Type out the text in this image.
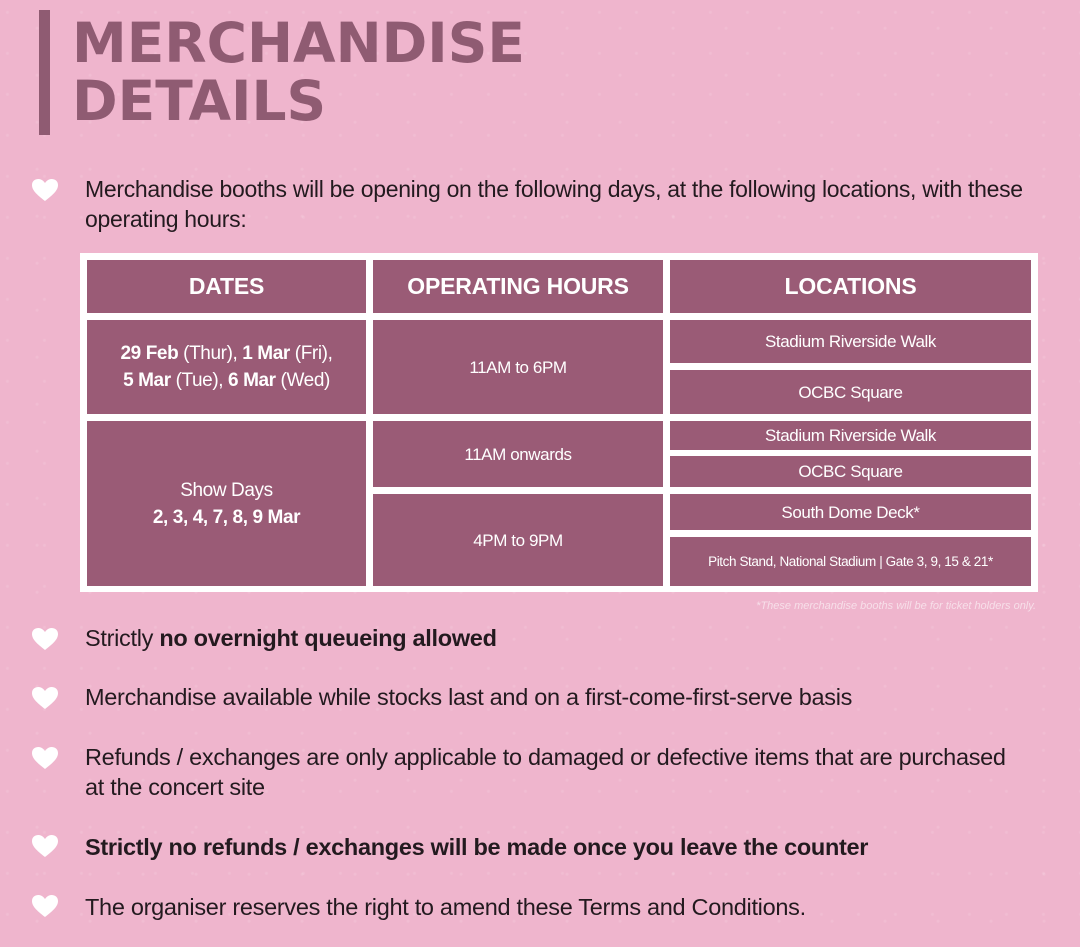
MERCHANDISE
DETAILS
Merchandise booths will be opening on the following days, at the following locations, with these operating hours:
DATES	OPERATING HOURS	LOCATIONS
29 Feb (Thur), 1 Mar (Fri),
5 Mar (Tue), 6 Mar (Wed)
11AM to 6PM
Stadium Riverside Walk
OCBC Square
Show Days
2, 3, 4, 7, 8, 9 Mar
11AM onwards
4PM to 9PM
Stadium Riverside Walk
OCBC Square
South Dome Deck*
Pitch Stand, National Stadium | Gate 3, 9, 15 & 21*
*These merchandise booths will be for ticket holders only.
Strictly no overnight queueing allowed
Merchandise available while stocks last and on a first-come-first-serve basis
Refunds / exchanges are only applicable to damaged or defective items that are purchased at the concert site
Strictly no refunds / exchanges will be made once you leave the counter
The organiser reserves the right to amend these Terms and Conditions.
